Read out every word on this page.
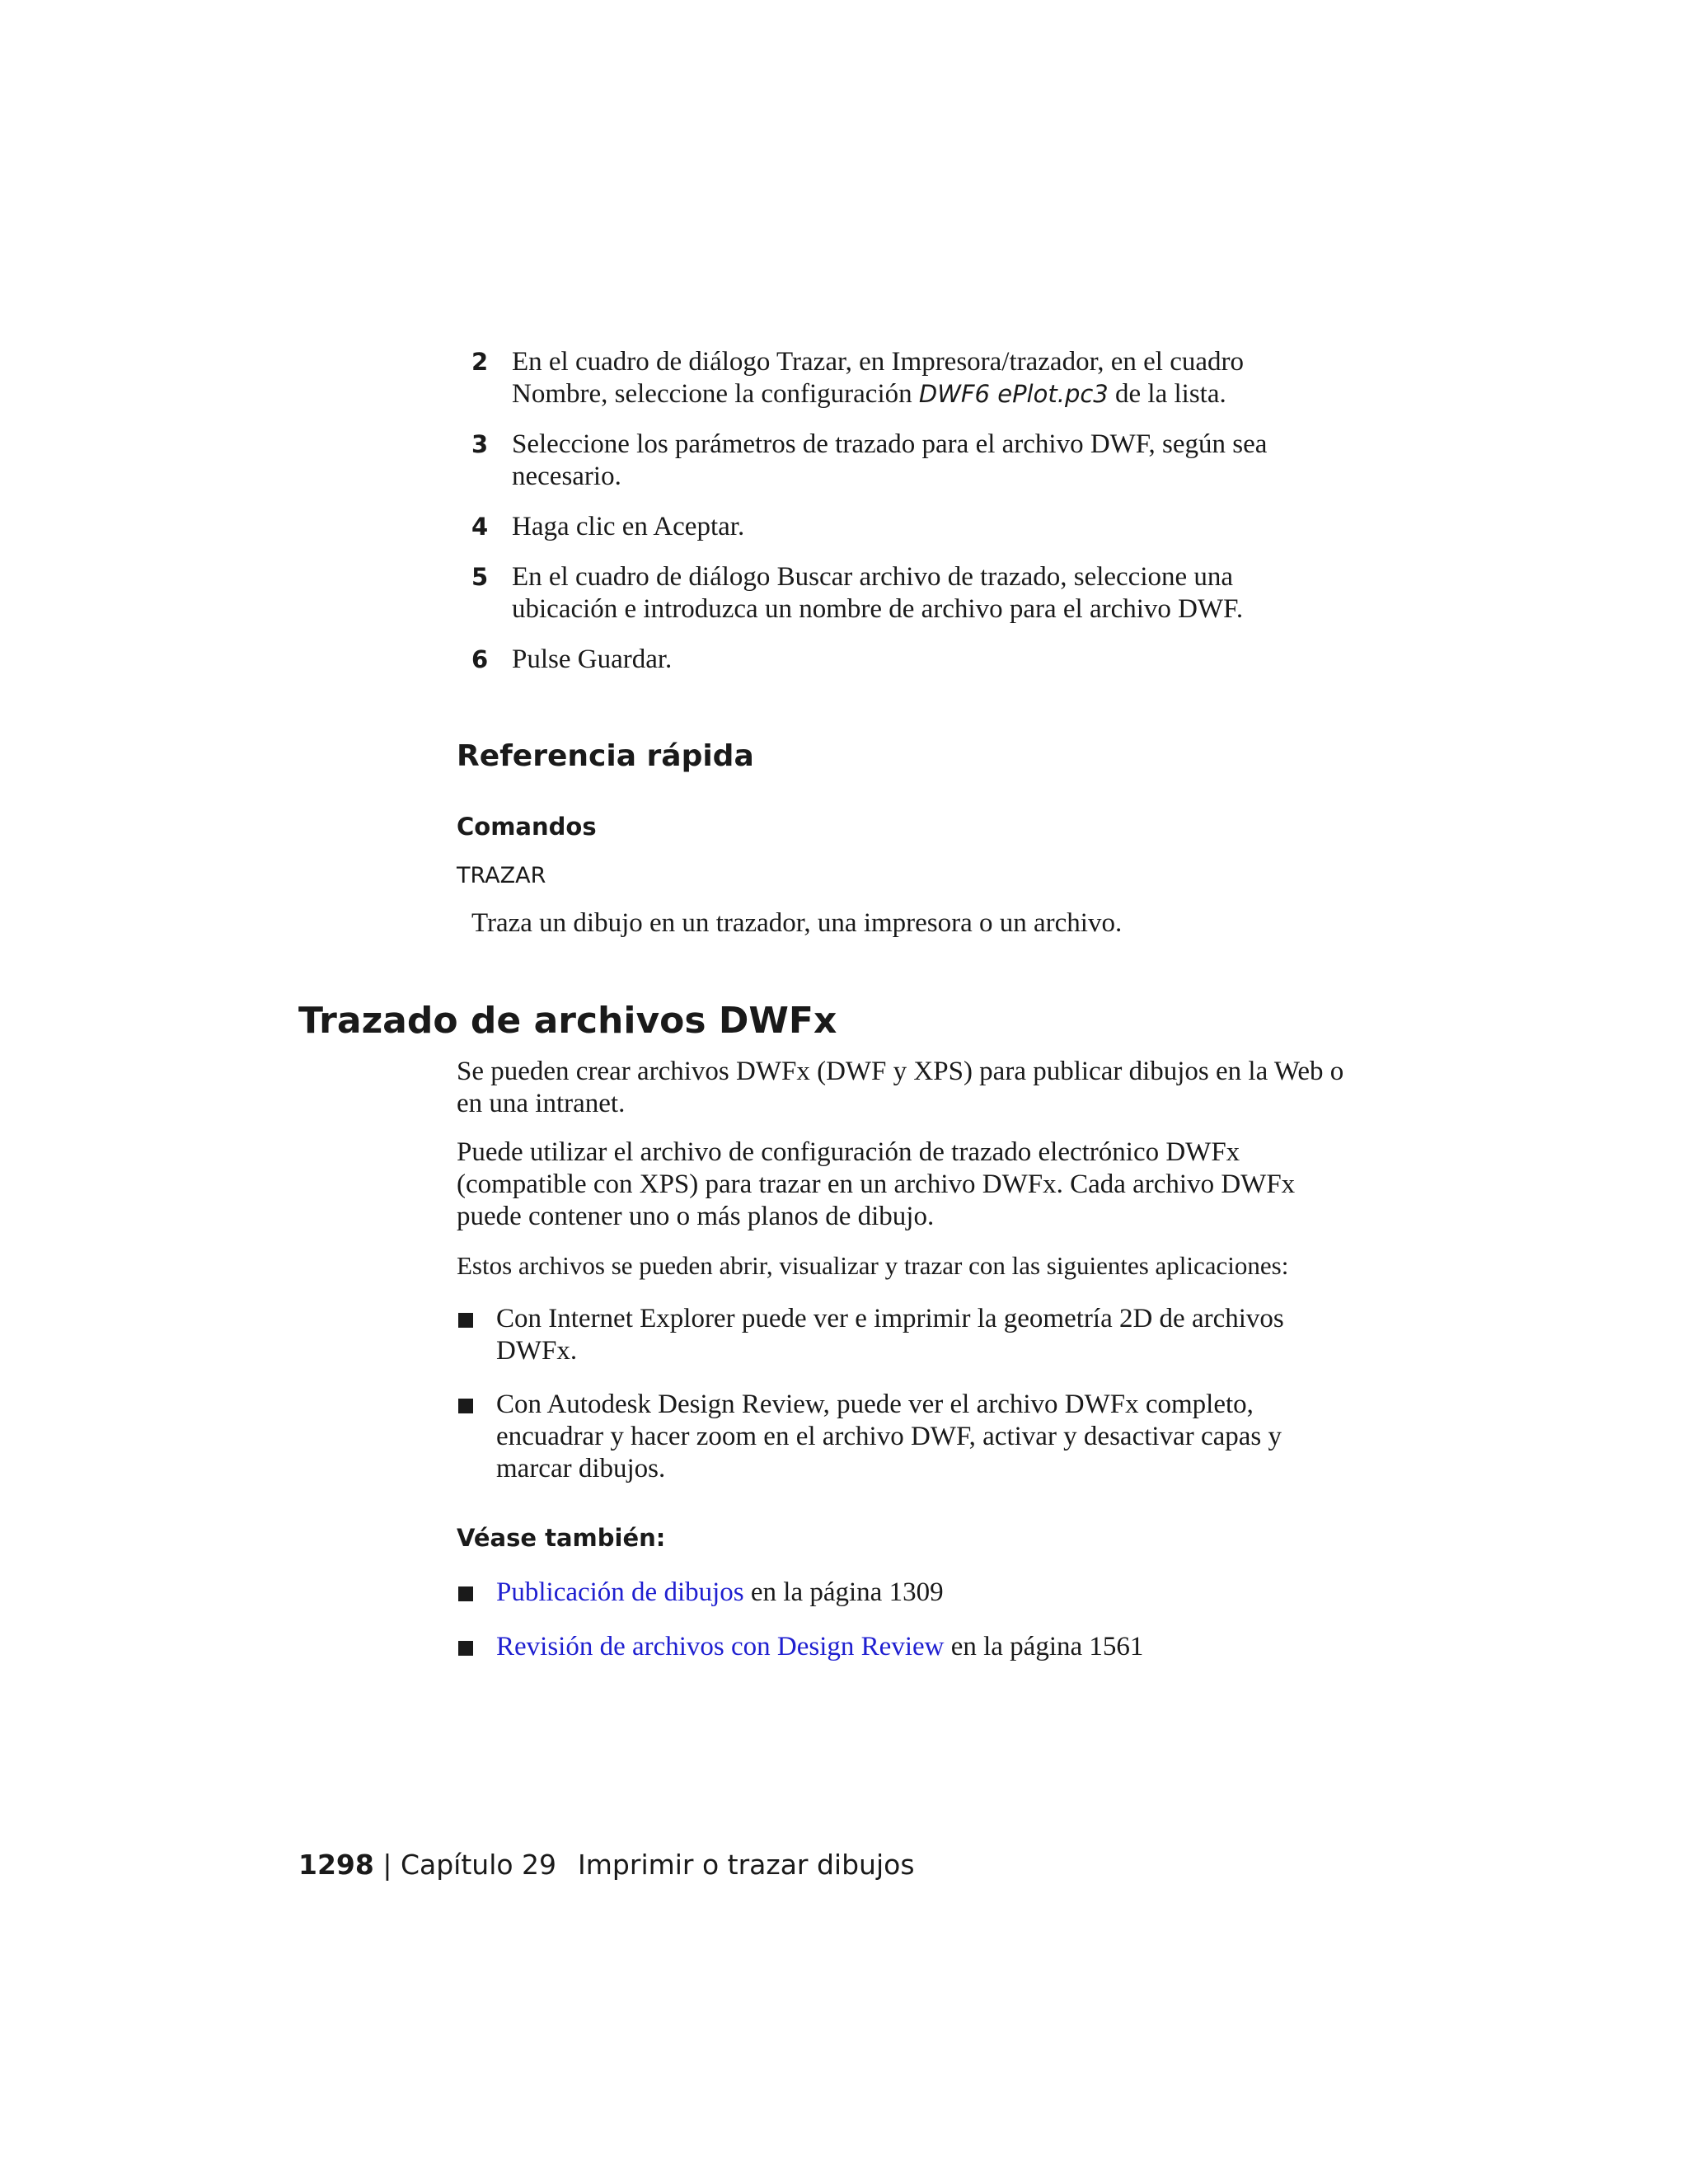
2 En el cuadro de diálogo Trazar, en Impresora/trazador, en el cuadro Nombre, seleccione la configuración DWF6 ePlot.pc3 de la lista.
3 Seleccione los parámetros de trazado para el archivo DWF, según sea necesario.
4 Haga clic en Aceptar.
5 En el cuadro de diálogo Buscar archivo de trazado, seleccione una ubicación e introduzca un nombre de archivo para el archivo DWF.
6 Pulse Guardar.
Referencia rápida
Comandos
TRAZAR
Traza un dibujo en un trazador, una impresora o un archivo.
Trazado de archivos DWFx

Se pueden crear archivos DWFx (DWF y XPS) para publicar dibujos en la Web o en una intranet.

Puede utilizar el archivo de configuración de trazado electrónico DWFx (compatible con XPS) para trazar en un archivo DWFx. Cada archivo DWFx puede contener uno o más planos de dibujo.

Estos archivos se pueden abrir, visualizar y trazar con las siguientes aplicaciones:

Con Internet Explorer puede ver e imprimir la geometría 2D de archivos DWFx.
Con Autodesk Design Review, puede ver el archivo DWFx completo, encuadrar y hacer zoom en el archivo DWF, activar y desactivar capas y marcar dibujos.
Véase también:
Publicación de dibujos en la página 1309
Revisión de archivos con Design Review en la página 1561
1298 | Capítulo 29 Imprimir o trazar dibujos
